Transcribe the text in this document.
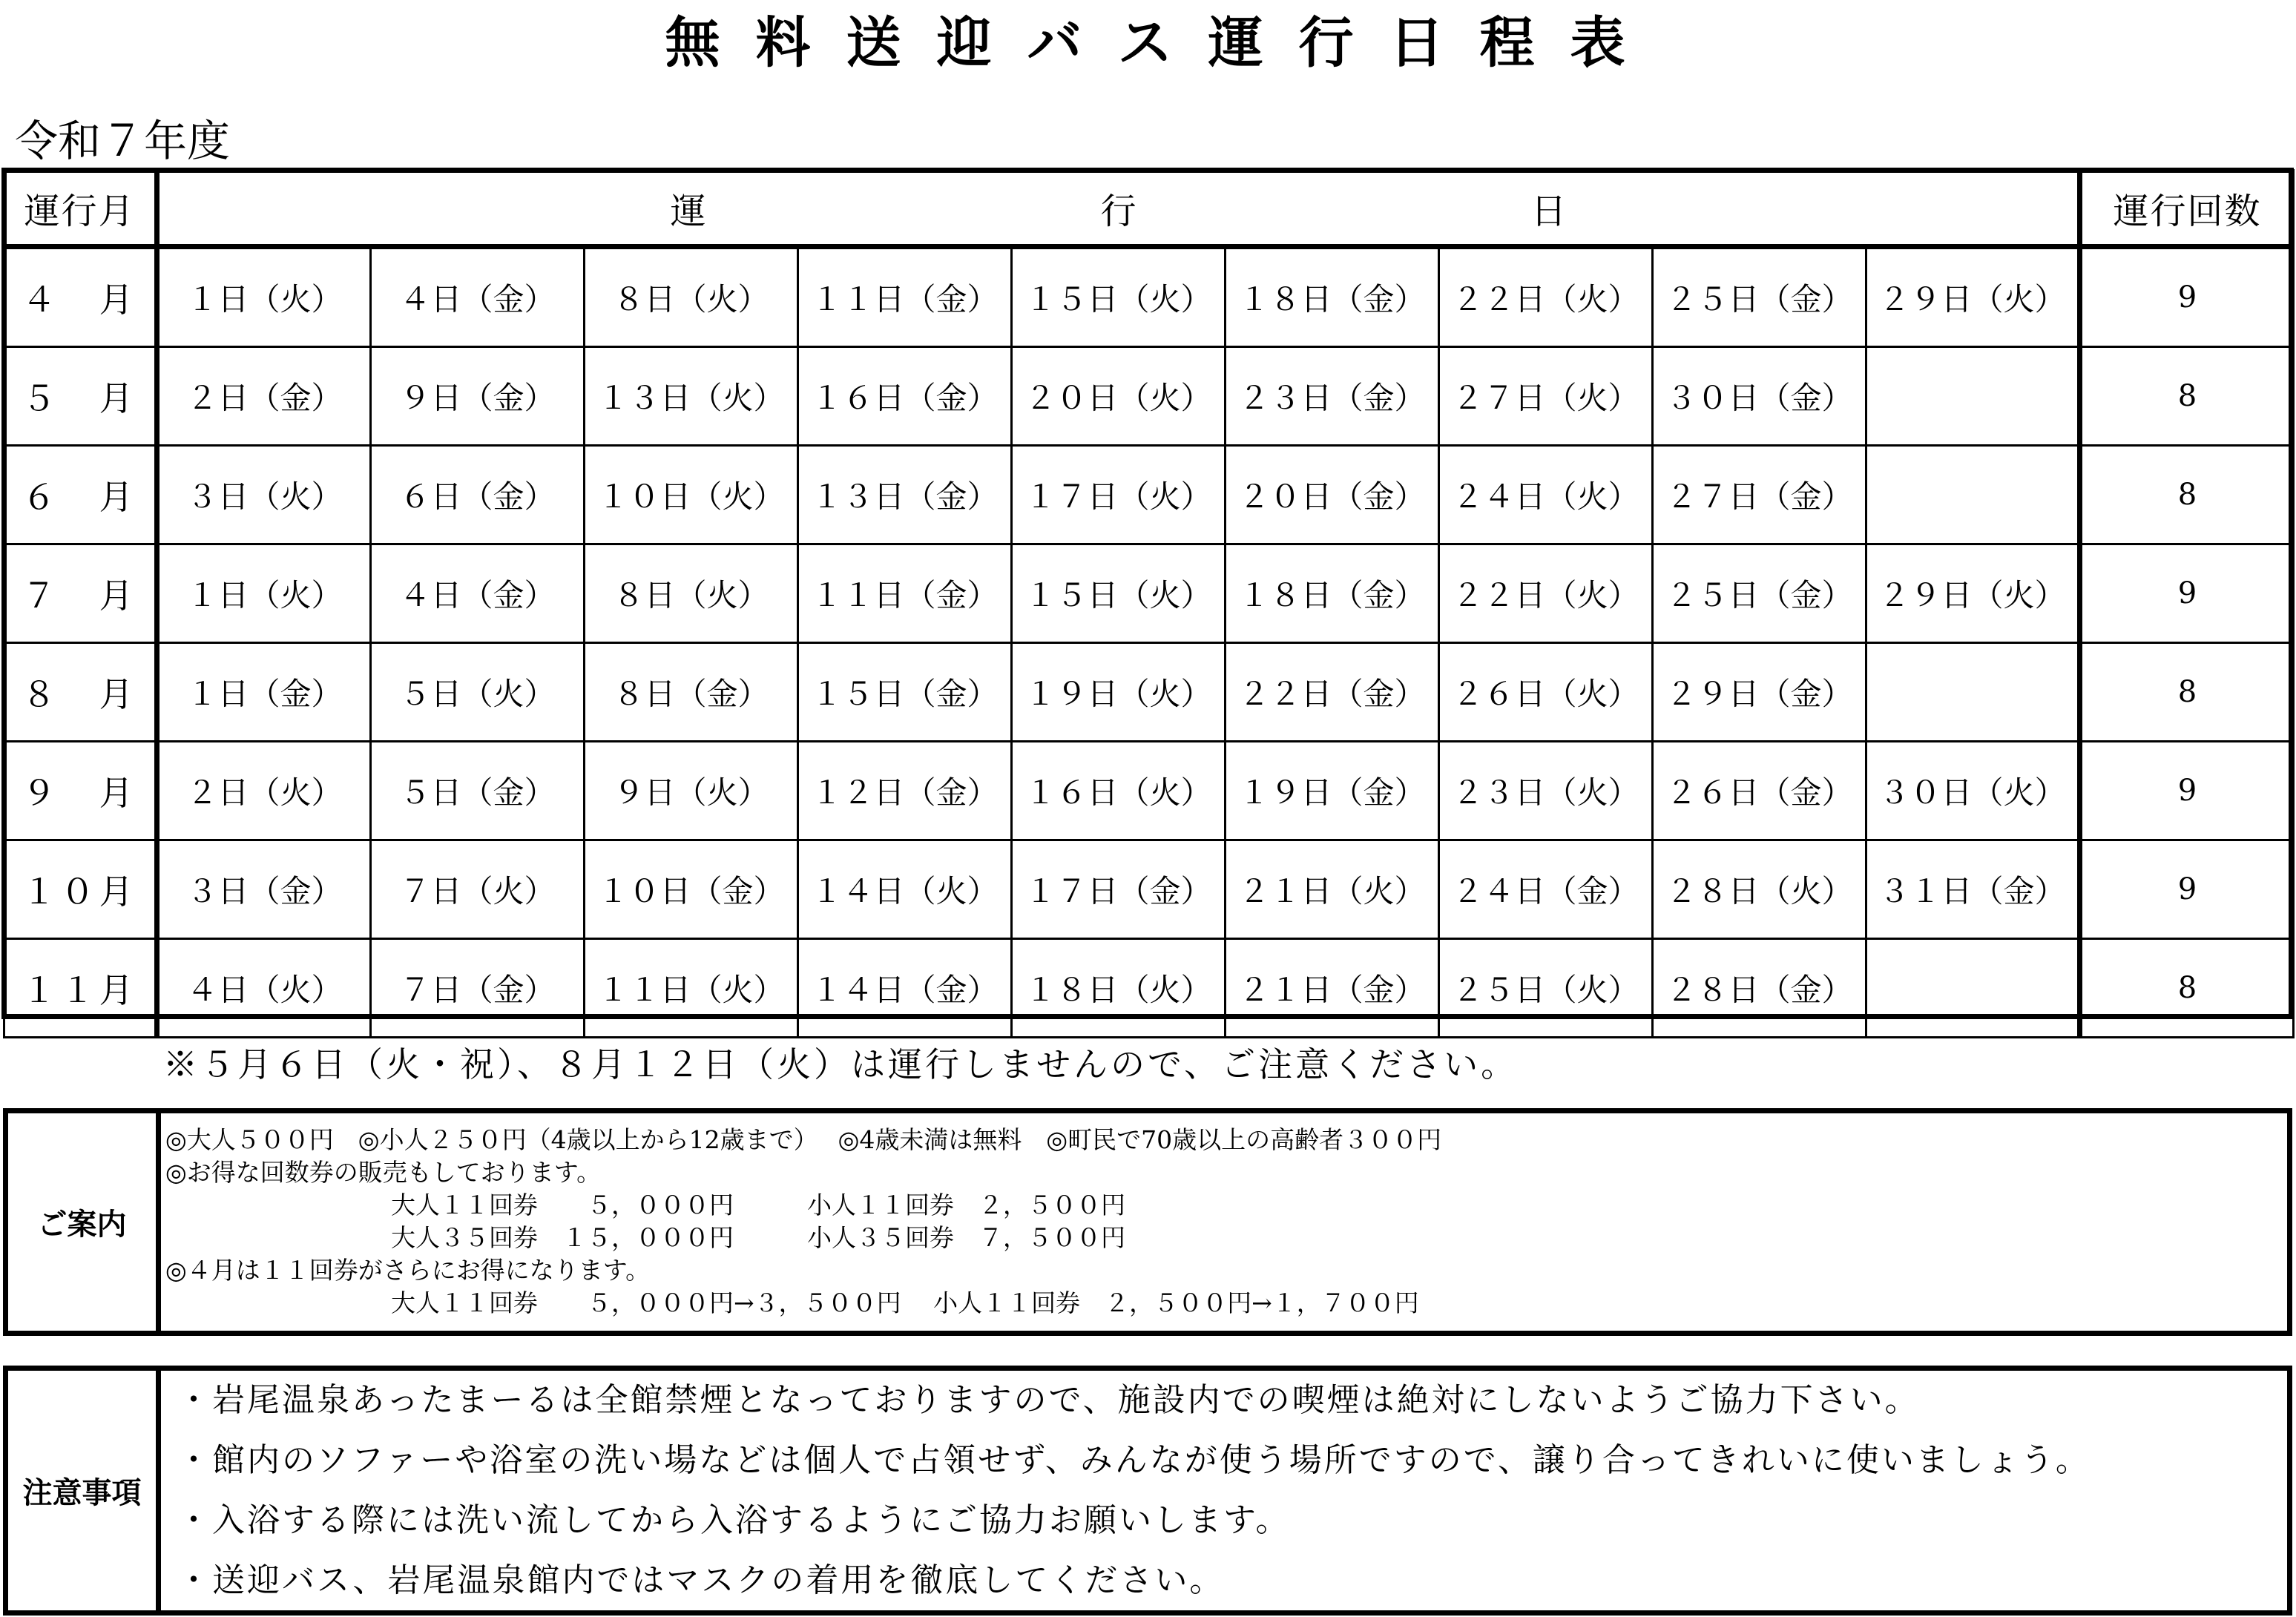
無料送迎バス運行日程表
令和７年度
運行月	運 行 日									運行回数
４　月	１日（火）	４日（金）	８日（火）	１１日（金）	１５日（火）	１８日（金）	２２日（火）	２５日（金）	２９日（火）	9
５　月	２日（金）	９日（金）	１３日（火）	１６日（金）	２０日（火）	２３日（金）	２７日（火）	３０日（金）		8
６　月	３日（火）	６日（金）	１０日（火）	１３日（金）	１７日（火）	２０日（金）	２４日（火）	２７日（金）		8
７　月	１日（火）	４日（金）	８日（火）	１１日（金）	１５日（火）	１８日（金）	２２日（火）	２５日（金）	２９日（火）	9
８　月	１日（金）	５日（火）	８日（金）	１５日（金）	１９日（火）	２２日（金）	２６日（火）	２９日（金）		8
９　月	２日（火）	５日（金）	９日（火）	１２日（金）	１６日（火）	１９日（金）	２３日（火）	２６日（金）	３０日（火）	9
１０月	３日（金）	７日（火）	１０日（金）	１４日（火）	１７日（金）	２１日（火）	２４日（金）	２８日（火）	３１日（金）	9
１１月	４日（火）	７日（金）	１１日（火）	１４日（金）	１８日（火）	２１日（金）	２５日（火）	２８日（金）		8
※５月６日（火・祝）、８月１２日（火）は運行しませんので、ご注意ください。
ご案内
◎大人５００円　◎小人２５０円（4歳以上から12歳まで）　 ◎4歳未満は無料　◎町民で70歳以上の高齢者３００円
◎お得な回数券の販売もしております。
大人１１回券　　５，０００円　　　小人１１回券　２，５００円
大人３５回券　１５，０００円　　　小人３５回券　７，５００円
◎４月は１１回券がさらにお得になります。
大人１１回券　　５，０００円→３，５００円　 小人１１回券　２，５００円→１，７００円
注意事項
・岩尾温泉あったまーるは全館禁煙となっておりますので、施設内での喫煙は絶対にしないようご協力下さい。
・館内のソファーや浴室の洗い場などは個人で占領せず、みんなが使う場所ですので、譲り合ってきれいに使いましょう。
・入浴する際には洗い流してから入浴するようにご協力お願いします。
・送迎バス、岩尾温泉館内ではマスクの着用を徹底してください。
